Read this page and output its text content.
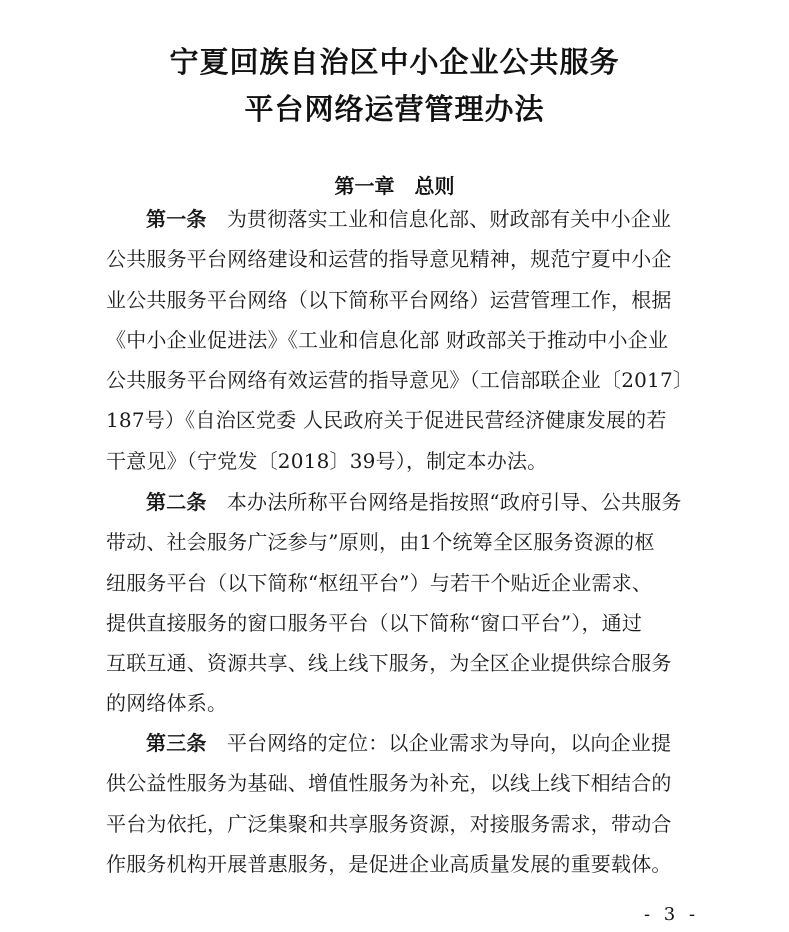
宁夏回族自治区中小企业公共服务
平台网络运营管理办法
第一章　总则
第一条　 为贯彻落实工业和信息化部、财政部有关中小企业
公共服务平台网络建设和运营的指导意见精神，规范宁夏中小企
业公共服务平台网络（以下简称平台网络）运营管理工作，根据
《中小企业促进法》《工业和信息化部 财政部关于推动中小企业
公共服务平台网络有效运营的指导意见》（工信部联企业〔2017〕
187号）《自治区党委 人民政府关于促进民营经济健康发展的若
干意见》（宁党发〔2018〕39号），制定本办法。
第二条　 本办法所称平台网络是指按照“政府引导、公共服务
带动、社会服务广泛参与”原则，由1个统筹全区服务资源的枢
纽服务平台（以下简称“枢纽平台”）与若干个贴近企业需求、
提供直接服务的窗口服务平台（以下简称“窗口平台”），通过
互联互通、资源共享、线上线下服务，为全区企业提供综合服务
的网络体系。
第三条　 平台网络的定位：以企业需求为导向，以向企业提
供公益性服务为基础、增值性服务为补充，以线上线下相结合的
平台为依托，广泛集聚和共享服务资源，对接服务需求，带动合
作服务机构开展普惠服务，是促进企业高质量发展的重要载体。
- 3 -
